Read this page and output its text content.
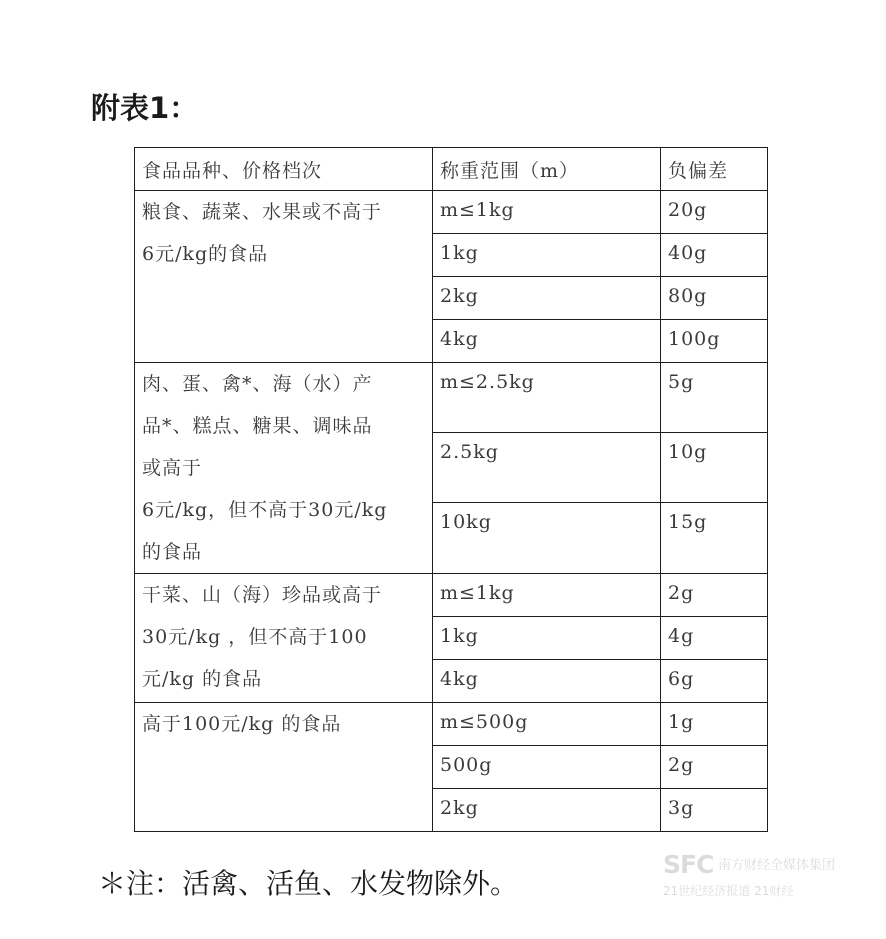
附表1：
食品品种、价格档次	称重范围（m）	负偏差

粮食、蔬菜、水果或不高于
6元/kg的食品	m≤1kg	20g
	1kg	40g
	2kg	80g
	4kg	100g

肉、蛋、禽*、海（水）产
品*、糕点、糖果、调味品
或高于
6元/kg，但不高于30元/kg
的食品	m≤2.5kg	5g
	2.5kg	10g
	10kg	15g

干菜、山（海）珍品或高于
30元/kg ，但不高于100
元/kg 的食品	m≤1kg	2g
	1kg	4g
	4kg	6g

高于100元/kg 的食品	m≤500g	1g
	500g	2g
	2kg	3g

＊注：活禽、活鱼、水发物除外。

SFC 南方财经全媒体集团
21世纪经济报道 21财经
